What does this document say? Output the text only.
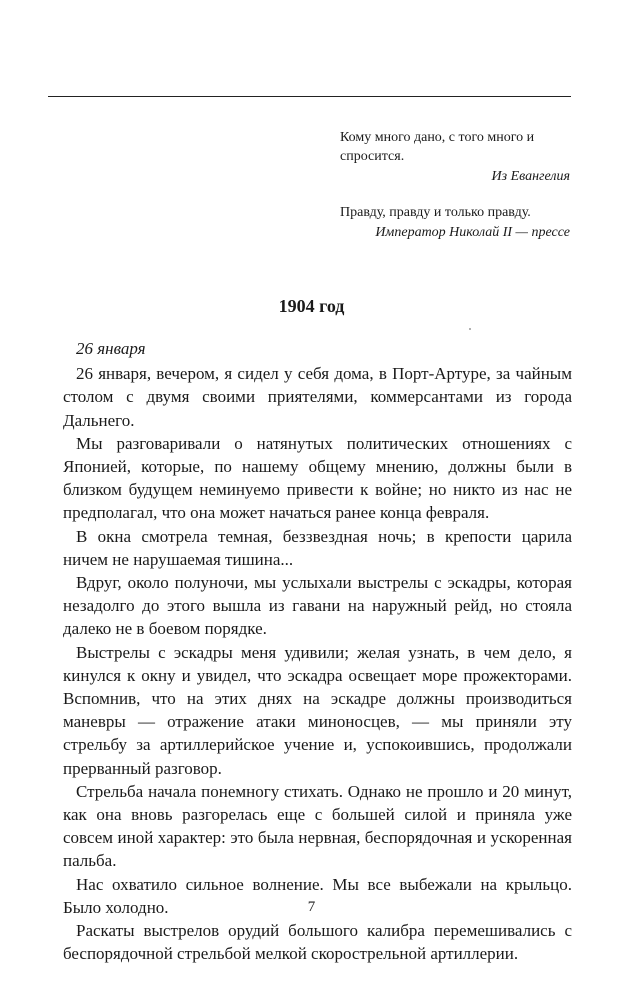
Кому много дано, с того много и спросится.
Из Евангелия
Правду, правду и только правду.
Император Николай II — прессе
1904 год
26 января

26 января, вечером, я сидел у себя дома, в Порт-Артуре, за чайным столом с двумя своими приятелями, коммерсантами из города Дальнего.

Мы разговаривали о натянутых политических отношениях с Японией, которые, по нашему общему мнению, должны были в близком будущем неминуемо привести к войне; но никто из нас не предполагал, что она может начаться ранее конца февраля.

В окна смотрела темная, беззвездная ночь; в крепости царила ничем не нарушаемая тишина...

Вдруг, около полуночи, мы услыхали выстрелы с эскадры, которая незадолго до этого вышла из гавани на наружный рейд, но стояла далеко не в боевом порядке.

Выстрелы с эскадры меня удивили; желая узнать, в чем дело, я кинулся к окну и увидел, что эскадра освещает море прожекторами. Вспомнив, что на этих днях на эскадре должны производиться маневры — отражение атаки миноносцев, — мы приняли эту стрельбу за артиллерийское учение и, успокоившись, продолжали прерванный разговор.

Стрельба начала понемногу стихать. Однако не прошло и 20 минут, как она вновь разгорелась еще с большей силой и приняла уже совсем иной характер: это была нервная, беспорядочная и ускоренная пальба.

Нас охватило сильное волнение. Мы все выбежали на крыльцо. Было холодно.

Раскаты выстрелов орудий большого калибра перемешивались с беспорядочной стрельбой мелкой скорострельной артиллерии.

7
